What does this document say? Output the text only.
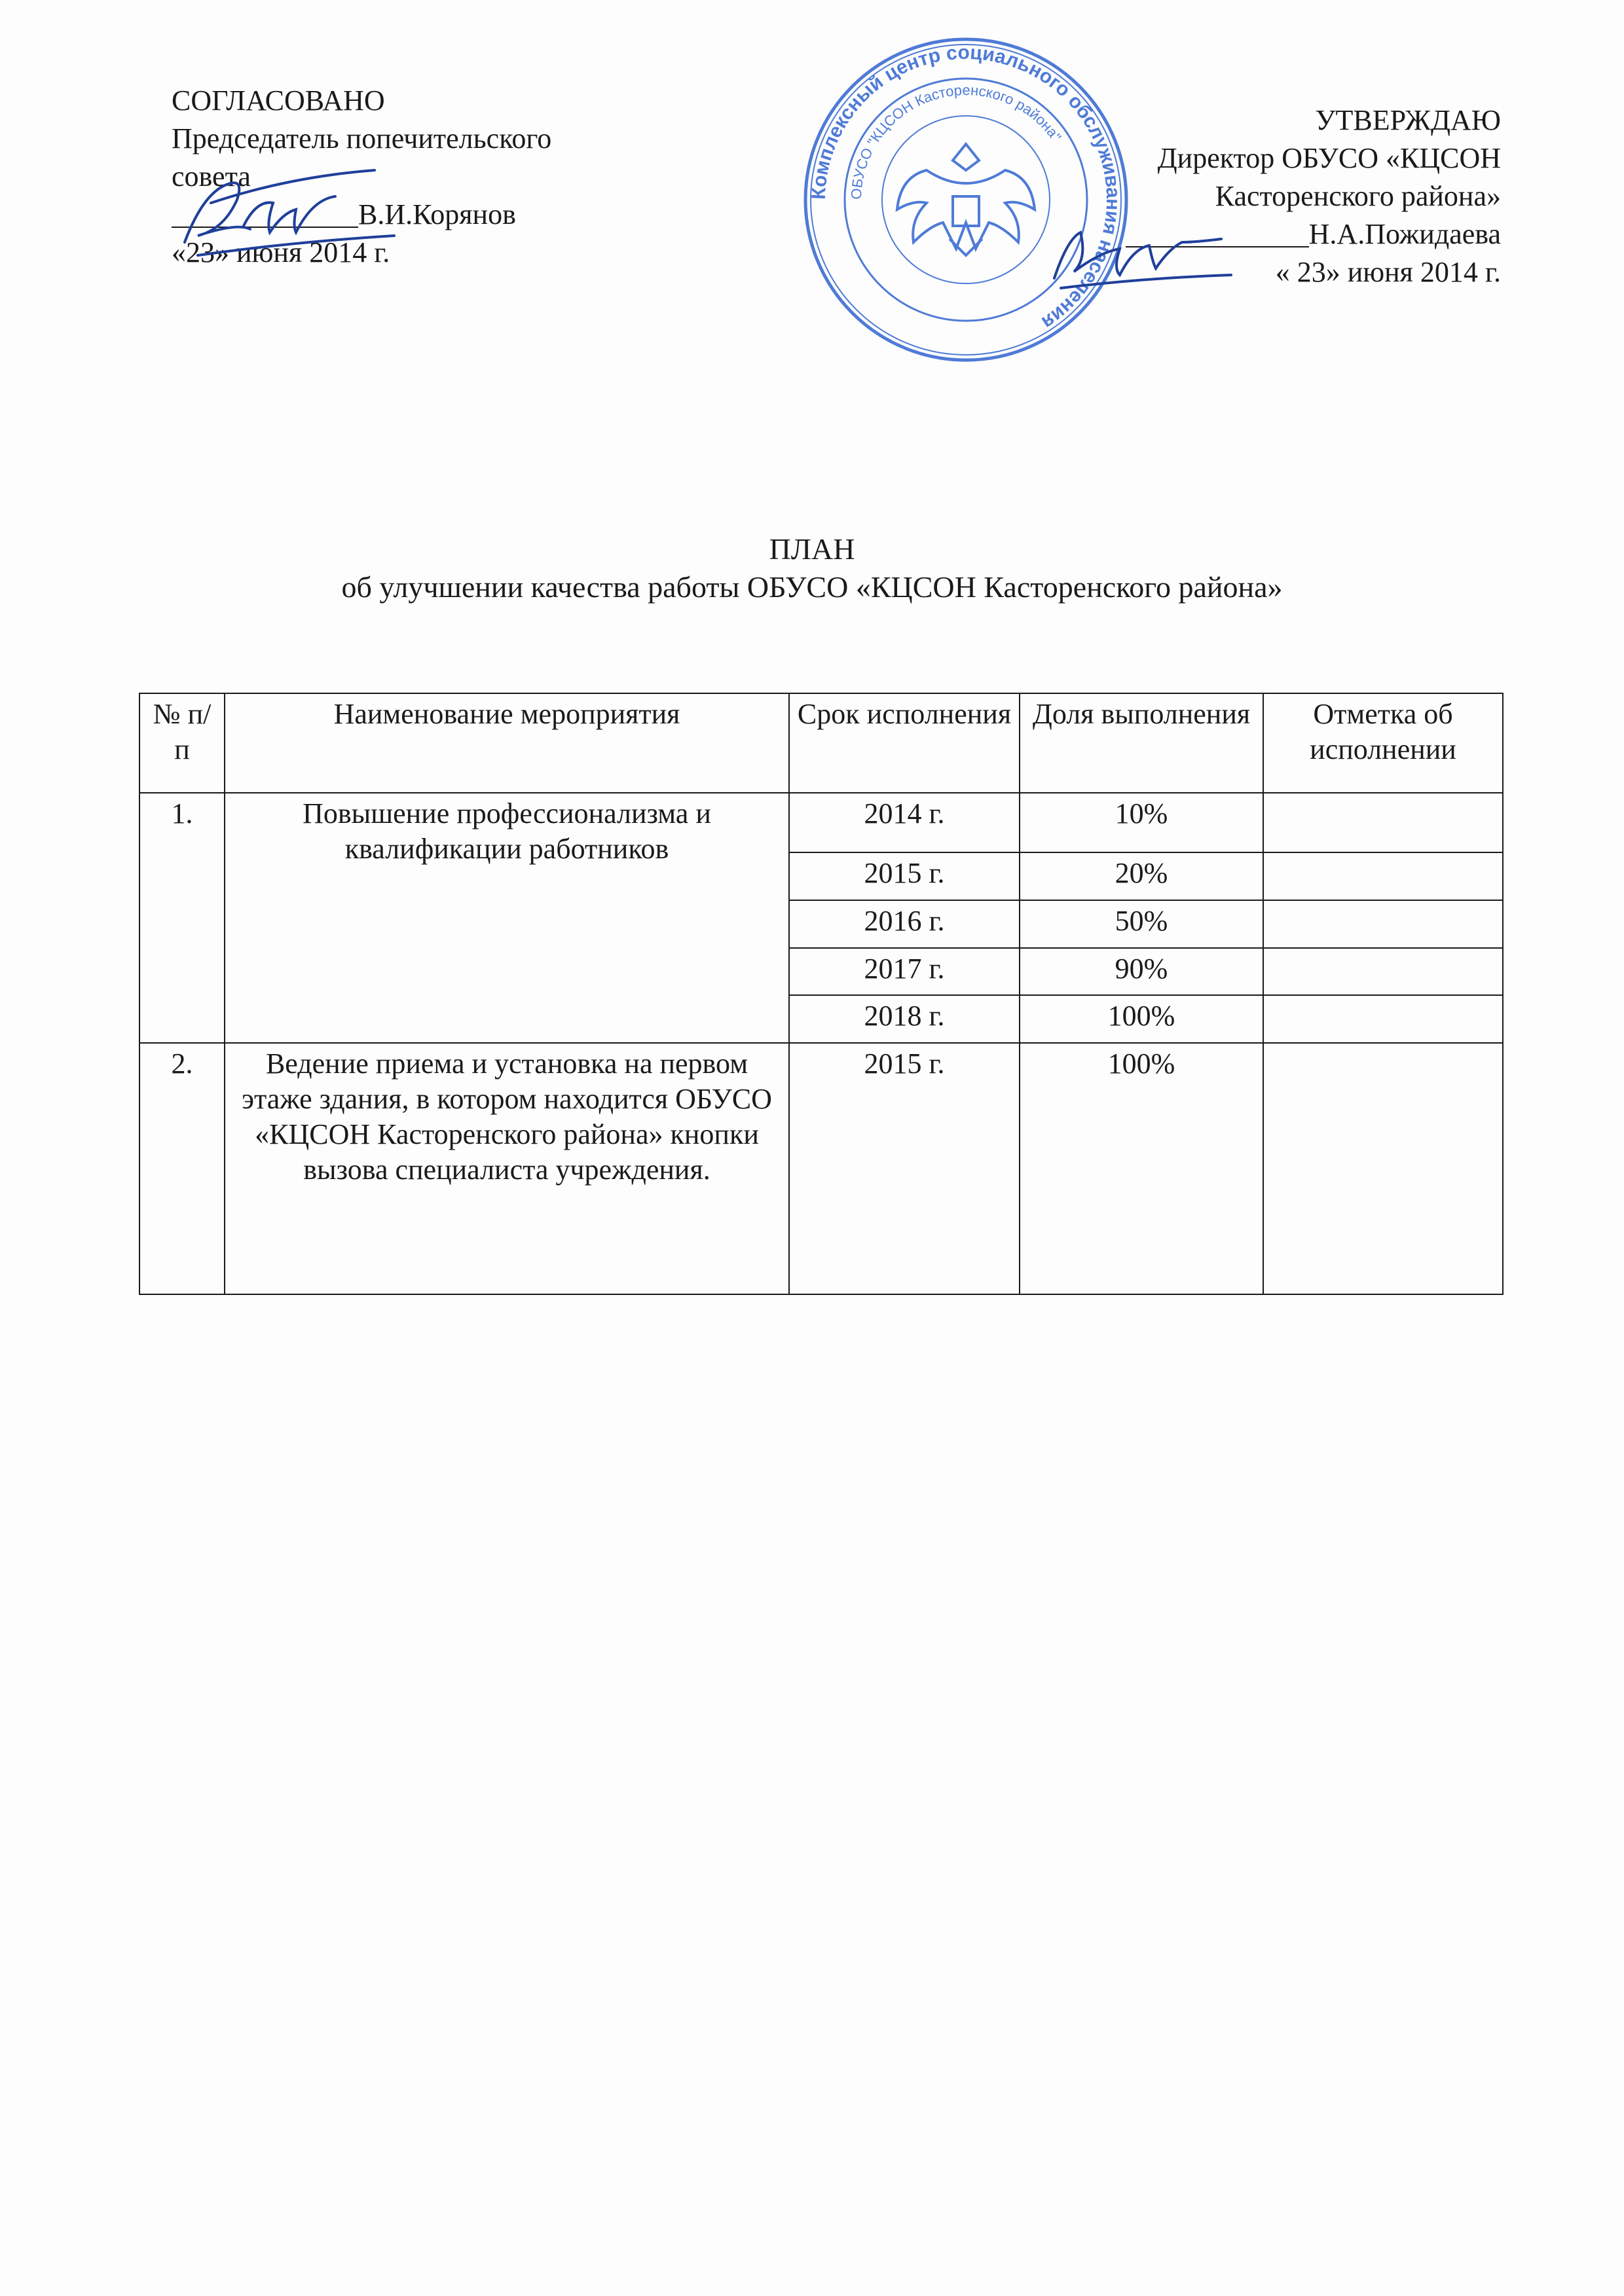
Комплексный центр социального обслуживания населения
ОБУСО "КЦСОН Касторенского района"
СОГЛАСОВАНО
Председатель попечительского
совета
В.И.Корянов
«23» июня 2014 г.
УТВЕРЖДАЮ
Директор ОБУСО «КЦСОН
Касторенского района»
Н.А.Пожидаева
« 23» июня 2014 г.
ПЛАН
об улучшении качества работы ОБУСО «КЦСОН Касторенского района»
№ п/п	Наименование мероприятия	Срок исполнения	Доля выполнения	Отметка об исполнении
1.	Повышение профессионализма и квалификации работников	2014 г.	10%	
		2015 г.	20%	
		2016 г.	50%	
		2017 г.	90%	
		2018 г.	100%	
2.	Ведение приема и установка на первом этаже здания, в котором находится ОБУСО «КЦСОН Касторенского района» кнопки вызова специалиста учреждения.	2015 г.	100%	
